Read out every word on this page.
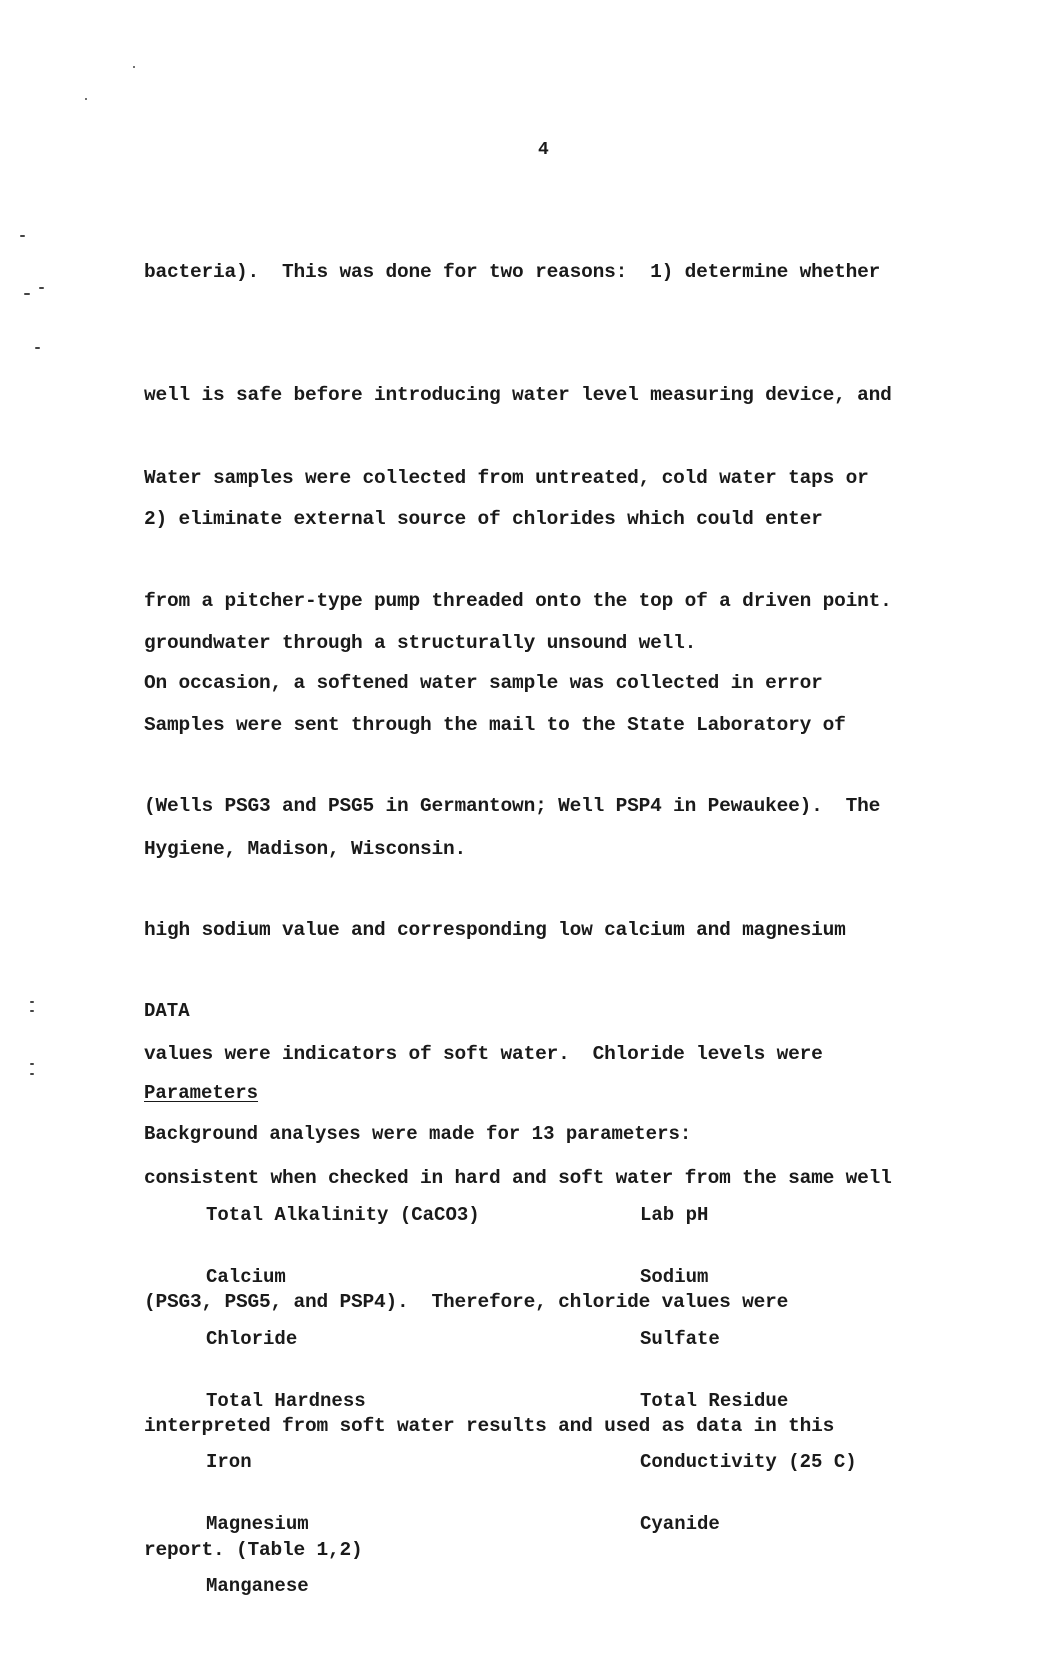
4

bacteria).  This was done for two reasons:  1) determine whether

well is safe before introducing water level measuring device, and

2) eliminate external source of chlorides which could enter

groundwater through a structurally unsound well.

Water samples were collected from untreated, cold water taps or

from a pitcher-type pump threaded onto the top of a driven point.

Samples were sent through the mail to the State Laboratory of

Hygiene, Madison, Wisconsin.

On occasion, a softened water sample was collected in error

(Wells PSG3 and PSG5 in Germantown; Well PSP4 in Pewaukee).  The

high sodium value and corresponding low calcium and magnesium

values were indicators of soft water.  Chloride levels were

consistent when checked in hard and soft water from the same well

(PSG3, PSG5, and PSP4).  Therefore, chloride values were

interpreted from soft water results and used as data in this

report. (Table 1,2)

DATA
Parameters
Background analyses were made for 13 parameters:

Total Alkalinity (CaCO3)

Calcium

Chloride

Total Hardness

Iron

Magnesium

Manganese

Lab pH

Sodium

Sulfate

Total Residue

Conductivity (25 C)

Cyanide
